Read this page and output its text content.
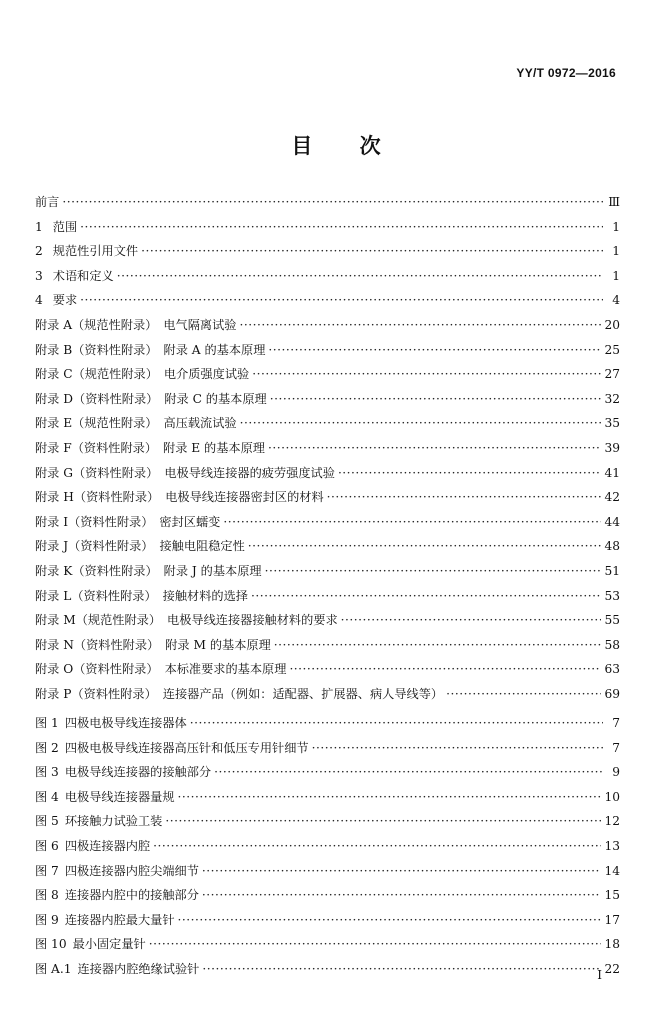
YY/T 0972—2016
目 次
前言 ·····	Ⅲ
1 范围 ·····	1
2 规范性引用文件 ·····	1
3 术语和定义 ·····	1
4 要求 ·····	4
附录 A（规范性附录） 电气隔离试验 ·····	20
附录 B（资料性附录） 附录 A 的基本原理 ·····	25
附录 C（规范性附录） 电介质强度试验 ·····	27
附录 D（资料性附录） 附录 C 的基本原理 ·····	32
附录 E（规范性附录） 高压载流试验 ·····	35
附录 F（资料性附录） 附录 E 的基本原理 ·····	39
附录 G（资料性附录） 电极导线连接器的疲劳强度试验 ·····	41
附录 H（资料性附录） 电极导线连接器密封区的材料 ·····	42
附录 I（资料性附录） 密封区蠕变 ·····	44
附录 J（资料性附录） 接触电阻稳定性 ·····	48
附录 K（资料性附录） 附录 J 的基本原理 ·····	51
附录 L（资料性附录） 接触材料的选择 ·····	53
附录 M（规范性附录） 电极导线连接器接触材料的要求 ·····	55
附录 N（资料性附录） 附录 M 的基本原理 ·····	58
附录 O（资料性附录） 本标准要求的基本原理 ·····	63
附录 P（资料性附录） 连接器产品（例如：适配器、扩展器、病人导线等） ·····	69
图 1 四极电极导线连接器体 ·····	7
图 2 四极电极导线连接器高压针和低压专用针细节 ·····	7
图 3 电极导线连接器的接触部分 ·····	9
图 4 电极导线连接器量规 ·····	10
图 5 环接触力试验工装 ·····	12
图 6 四极连接器内腔 ·····	13
图 7 四极连接器内腔尖端细节 ·····	14
图 8 连接器内腔中的接触部分 ·····	15
图 9 连接器内腔最大量针 ·····	17
图 10 最小固定量针 ·····	18
图 A.1 连接器内腔绝缘试验针 ·····	22
I
